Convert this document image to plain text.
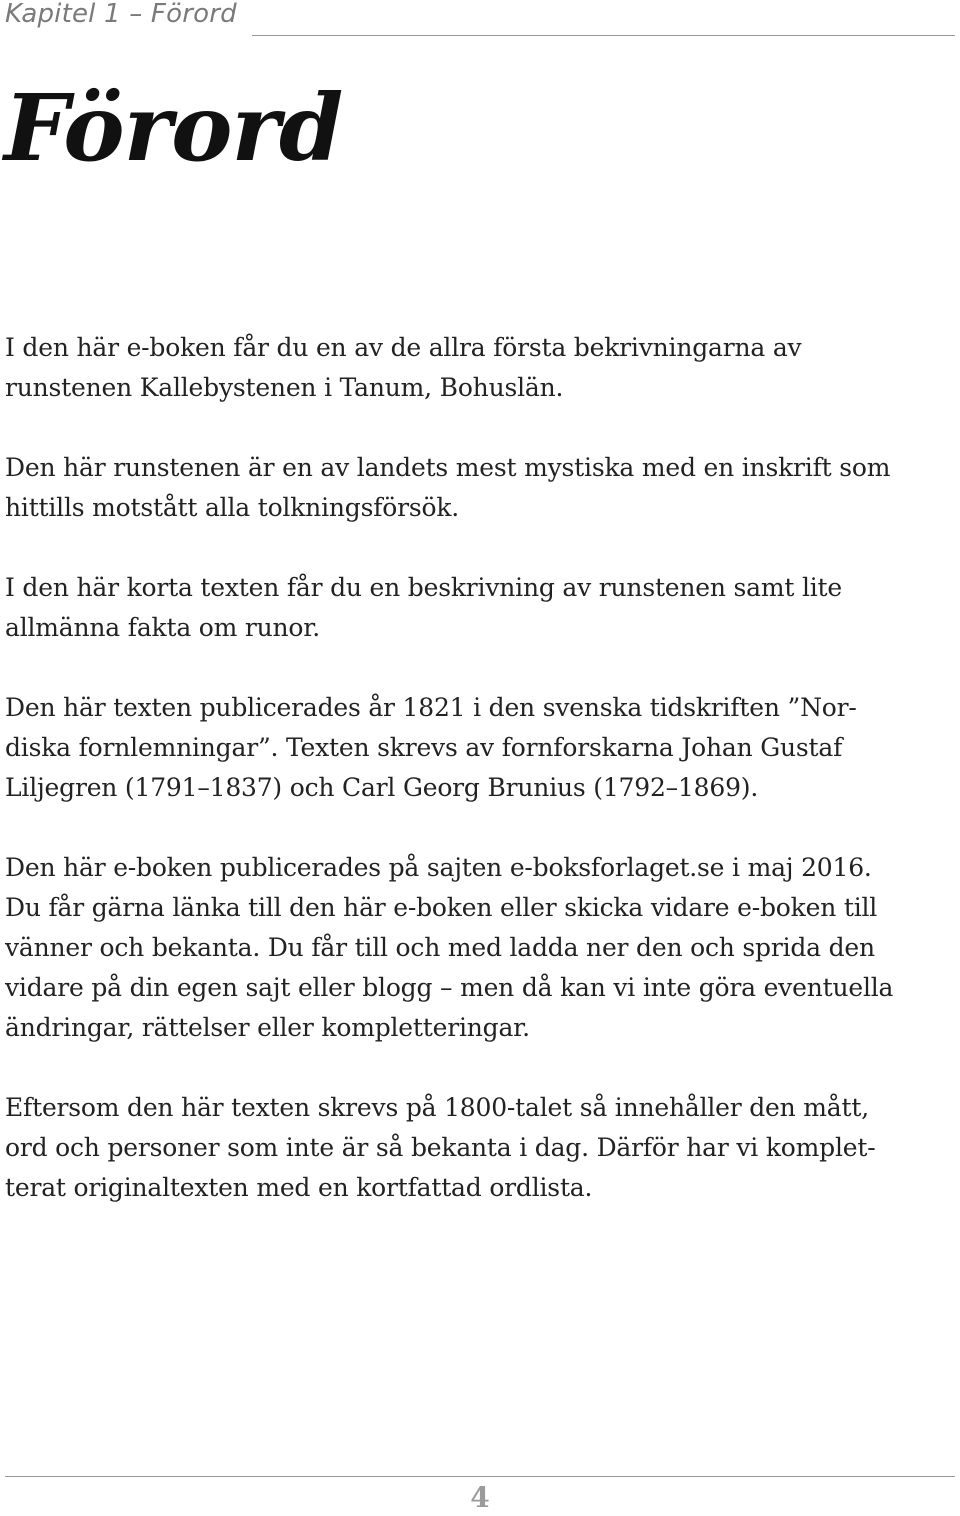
Kapitel 1 – Förord
Förord

I den här e-boken får du en av de allra första bekrivningarna av
runstenen Kallebystenen i Tanum, Bohuslän.

Den här runstenen är en av landets mest mystiska med en inskrift som
hittills motstått alla tolkningsförsök.

I den här korta texten får du en beskrivning av runstenen samt lite
allmänna fakta om runor.

Den här texten publicerades år 1821 i den svenska tidskriften ”Nor-
diska fornlemningar”. Texten skrevs av fornforskarna Johan Gustaf
Liljegren (1791–1837) och Carl Georg Brunius (1792–1869).

Den här e-boken publicerades på sajten e-boksforlaget.se i maj 2016.
Du får gärna länka till den här e-boken eller skicka vidare e-boken till
vänner och bekanta. Du får till och med ladda ner den och sprida den
vidare på din egen sajt eller blogg – men då kan vi inte göra eventuella
ändringar, rättelser eller kompletteringar.

Eftersom den här texten skrevs på 1800-talet så innehåller den mått,
ord och personer som inte är så bekanta i dag. Därför har vi komplet-
terat originaltexten med en kortfattad ordlista.

4
